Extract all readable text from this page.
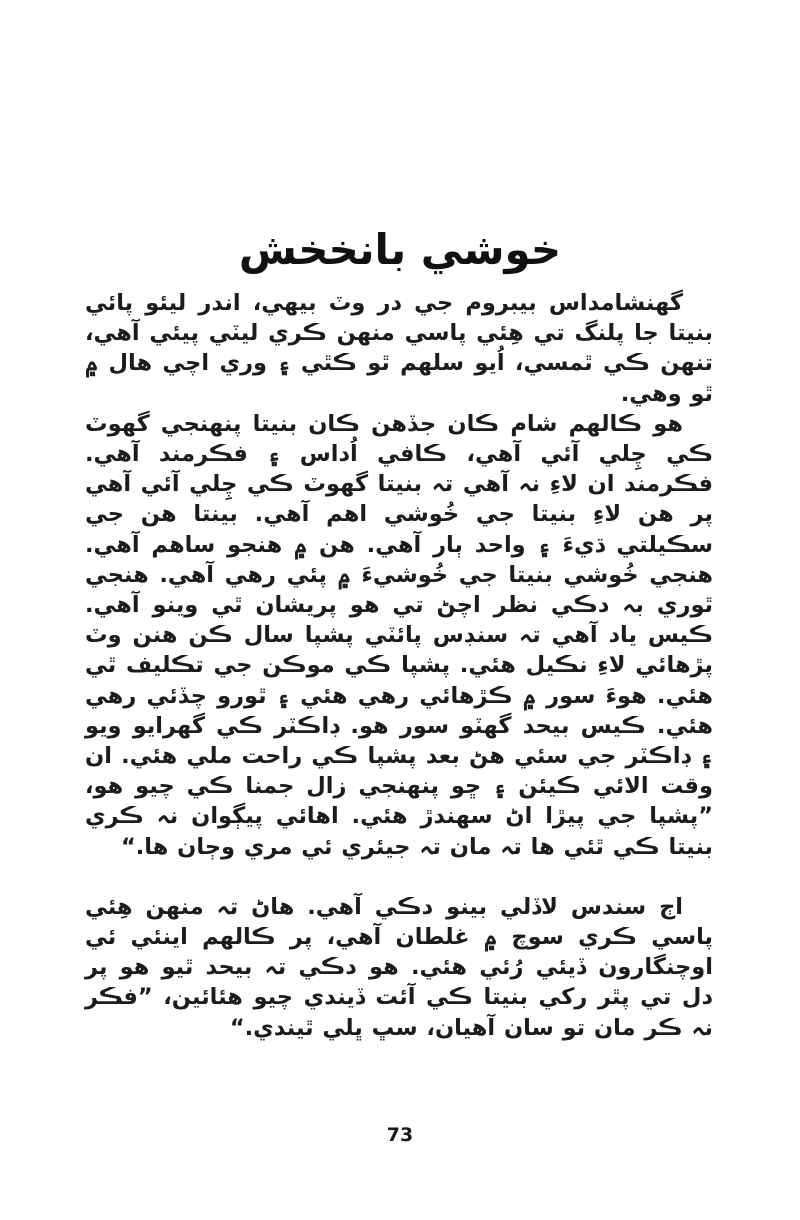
خوشي بانخخش

گھنشامداس بيبروم جي در وٽ بيھي، اندر ليئو پائي بنيتا جا پلنگ تي ھِئي پاسي منھن ڪري ليٽي پيئي آھي، تنھن ڪي ٿمسي، اُيو سلھم ٿو ڪٿي ۽ وري اچي ھال ۾ ٿو وھي.

ھو ڪالھم شام ڪان جڏھن ڪان بنيتا پنھنجي گھوٽ ڪي چِلي آئي آھي، ڪافي اُداس ۽ فڪرمند آھي. فڪرمند ان لاءِ نہ آھي تہ بنيتا گھوٽ ڪي چِلي آئي آھي پر ھن لاءِ بنيتا جي خُوشي اھم آھي. بينتا ھن جي سڪيلتي ڌيءَ ۽ واحد ٻار آھي. ھن ۾ ھنجو ساھم آھي. ھنجي خُوشي بنيتا جي خُوشيءَ ۾ پئي رھي آھي. ھنجي ٿوري بہ دڪي نظر اچڻ تي ھو پريشان ٿي وينو آھي. ڪيس ياد آھي تہ سنڊس پائٽي پشپا سال ڪن ھنن وٽ پڙھائي لاءِ نڪيل ھئي. پشپا ڪي موڪن جي تڪليف ٿي ھئي. ھوءَ سور ۾ ڪڙھائي رھي ھئي ۽ ٿورو چڏئي رھي ھئي. ڪيس بيحد گھٽو سور ھو. ڊاڪٽر ڪي گھرايو ويو ۽ ڊاڪٽر جي سئي ھڻ بعد پشپا ڪي راحت ملي ھئي. ان وقت الائي ڪيئن ۽ ڇو پنھنجي زال جمنا ڪي چيو ھو، ”پشپا جي پيڙا اڻ سھندڙ ھئي. اھائي پيڳوان نہ ڪري بنيتا ڪي ٿئي ھا تہ مان تہ جيئري ئي مري وڄان ھا.“

اڄ سندس لاڏلي بينو دڪي آھي. ھاڻ تہ منھن ھِئي پاسي ڪري سوچ ۾ غلطان آھي، پر ڪالھم اينئي ئي اوچنگارون ڏيئي رُئي ھئي. ھو دڪي تہ بيحد ٿيو ھو پر دل تي پٿر رکي بنيتا ڪي آئت ڏيندي چيو ھئائين، ”فڪر نہ ڪر مان تو سان آھيان، سڀ ڀلي ٿيندي.“

73
